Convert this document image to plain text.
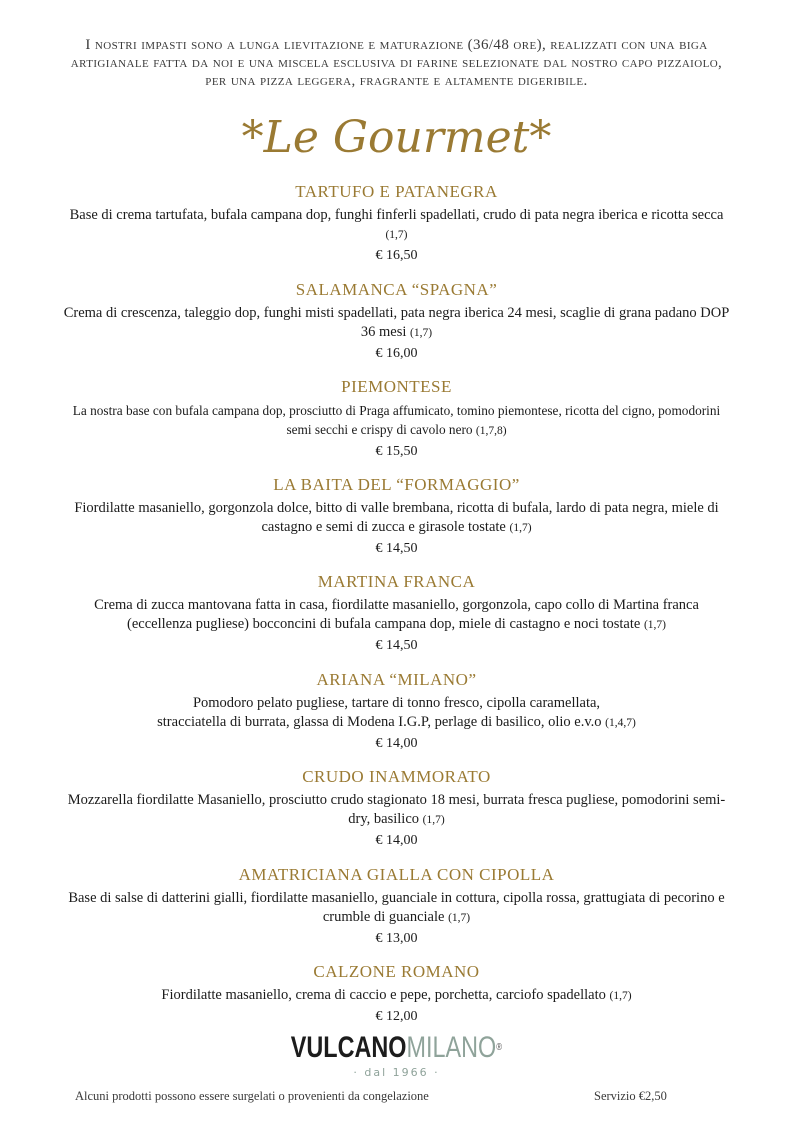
I nostri impasti sono a lunga lievitazione e maturazione (36/48 ore), realizzati con una biga artigianale fatta da noi e una miscela esclusiva di farine selezionate dal nostro capo pizzaiolo, per una pizza leggera, fragrante e altamente digeribile.
*Le Gourmet*
TARTUFO E PATANEGRA
Base di crema tartufata, bufala campana dop, funghi finferli spadellati, crudo di pata negra iberica e ricotta secca (1,7)
€ 16,50
SALAMANCA “SPAGNA”
Crema di crescenza, taleggio dop, funghi misti spadellati, pata negra iberica 24 mesi, scaglie di grana padano DOP 36 mesi (1,7)
€ 16,00
PIEMONTESE
La nostra base con bufala campana dop, prosciutto di Praga affumicato, tomino piemontese, ricotta del cigno, pomodorini semi secchi e crispy di cavolo nero (1,7,8)
€ 15,50
LA BAITA DEL “FORMAGGIO”
Fiordilatte masaniello, gorgonzola dolce, bitto di valle brembana, ricotta di bufala, lardo di pata negra, miele di castagno e semi di zucca e girasole tostate (1,7)
€ 14,50
MARTINA FRANCA
Crema di zucca mantovana fatta in casa, fiordilatte masaniello, gorgonzola, capo collo di Martina franca (eccellenza pugliese) bocconcini di bufala campana dop, miele di castagno e noci tostate (1,7)
€ 14,50
ARIANA “MILANO”
Pomodoro pelato pugliese, tartare di tonno fresco, cipolla caramellata,
stracciatella di burrata, glassa di Modena I.G.P, perlage di basilico, olio e.v.o (1,4,7)
€ 14,00
CRUDO INAMMORATO
Mozzarella fiordilatte Masaniello, prosciutto crudo stagionato 18 mesi, burrata fresca pugliese, pomodorini semi-dry, basilico (1,7)
€ 14,00
AMATRICIANA GIALLA CON CIPOLLA
Base di salse di datterini gialli, fiordilatte masaniello, guanciale in cottura, cipolla rossa, grattugiata di pecorino e crumble di guanciale (1,7)
€ 13,00
CALZONE ROMANO
Fiordilatte masaniello, crema di caccio e pepe, porchetta, carciofo spadellato (1,7)
€ 12,00
VULCANOMILANO®
· dal 1966 ·
Alcuni prodotti possono essere surgelati o provenienti da congelazione	Servizio €2,50
